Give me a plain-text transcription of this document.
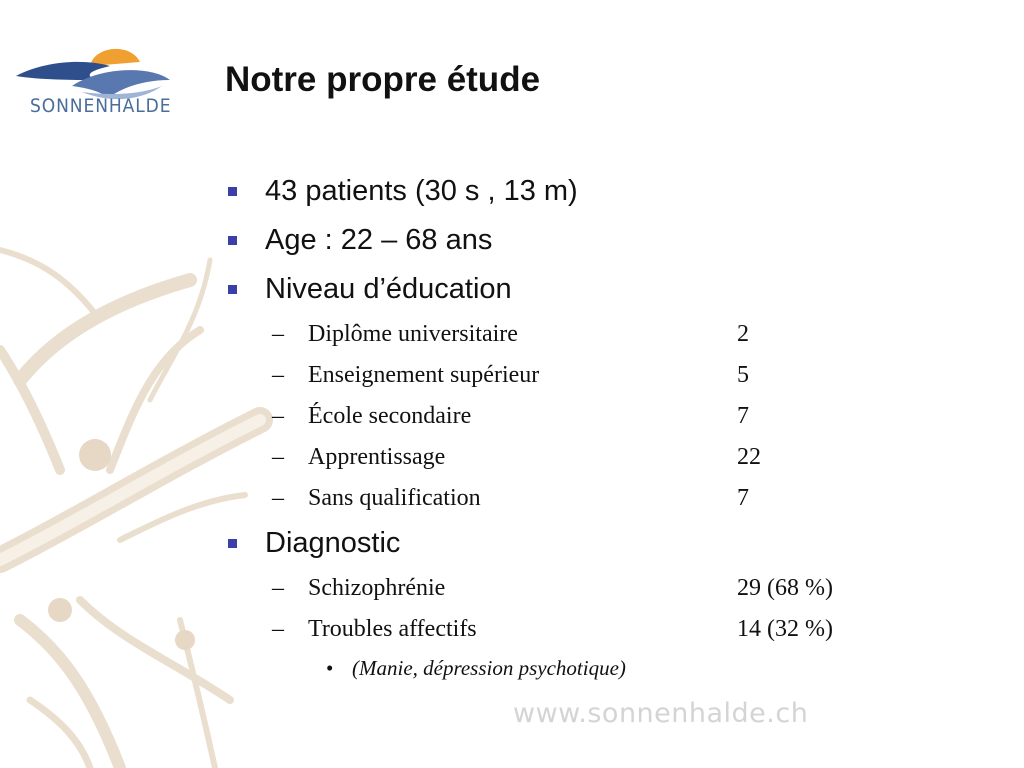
SONNENHALDE
Notre propre étude
43 patients (30 s , 13 m)
Age : 22 – 68 ans
Niveau d’éducation
–	Diplôme universitaire	2
–	Enseignement supérieur	5
–	École secondaire	7
–	Apprentissage	22
–	Sans qualification	7
Diagnostic
–	Schizophrénie	29 (68 %)
–	Troubles affectifs	14 (32 %)
• (Manie, dépression psychotique)
www.sonnenhalde.ch
